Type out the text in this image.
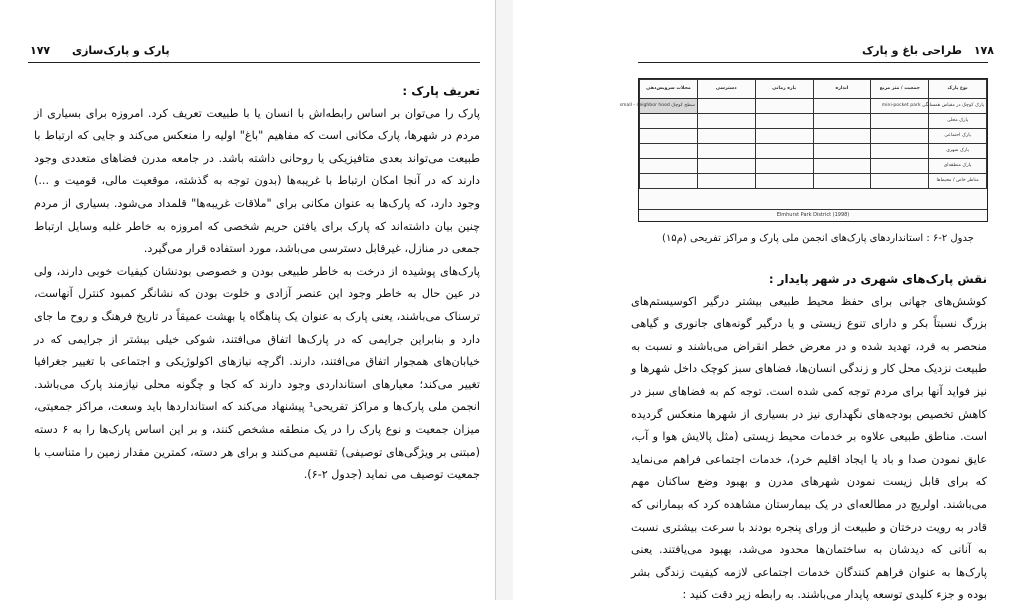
۱۷۷ پارک و پارک‌سازی

تعریف پارک :

پارک را می‌توان بر اساس رابطه‌اش با انسان یا با طبیعت تعریف کرد. امروزه برای بسیاری از مردم در شهرها، پارک مکانی است که مفاهیم "باغ" اولیه را منعکس می‌کند و جایی که ارتباط با طبیعت می‌تواند بعدی متافیزیکی یا روحانی داشته باشد. در جامعه مدرن فضاهای متعددی وجود دارند که در آنجا امکان ارتباط با غریبه‌ها (بدون توجه به گذشته، موقعیت مالی، قومیت و ...) وجود دارد، که پارک‌ها به عنوان مکانی برای "ملاقات غریبه‌ها" قلمداد می‌شود. بسیاری از مردم چنین بیان داشته‌اند که پارک برای یافتن حریم شخصی که امروزه به خاطر غلبه وسایل ارتباط جمعی در منازل، غیرقابل دسترسی می‌باشد، مورد استفاده قرار می‌گیرد.

پارک‌های پوشیده از درخت به خاطر طبیعی بودن و خصوصی بودنشان کیفیات خوبی دارند، ولی در عین حال به خاطر وجود این عنصر آزادی و خلوت بودن که نشانگر کمبود کنترل آنهاست، ترسناک می‌باشند، یعنی پارک به عنوان یک پناهگاه یا بهشت عمیقاً در تاریخ فرهنگ و روح ما جای دارد و بنابراین جرایمی که در پارک‌ها اتفاق می‌افتند، شوکی خیلی بیشتر از جرایمی که در خیابان‌های همجوار اتفاق می‌افتند، دارند. اگرچه نیازهای اکولوژیکی و اجتماعی با تغییر جغرافیا تغییر می‌کند؛ معیارهای استانداردی وجود دارند که کجا و چگونه محلی نیازمند پارک می‌باشد. انجمن ملی پارک‌ها و مراکز تفریحی¹ پیشنهاد می‌کند که استانداردها باید وسعت، مراکز جمعیتی، میزان جمعیت و نوع پارک را در یک منطقه مشخص کنند، و بر این اساس پارک‌ها را به ۶ دسته (مبتنی بر ویژگی‌های توصیفی) تقسیم می‌کنند و برای هر دسته، کمترین مقدار زمین را متناسب با جمعیت توصیف می نماید (جدول ۲-۶).

۱۷۸
طراحی باغ و پارک
نوع پارک	جمعیت / متر مربع	اندازه	بازه زمانی	دسترسی	محلات سرویس‌دهی
پارک کوچک در مقیاس همسایگی mini-pocket park					سطح کوچک small - neighbor hood
پارک محلی					
پارک اجتماعی					
پارک شهری					
پارک منطقه‌ای					
مناظر خاص / محیط‌ها					
Elmhurst Park District (1998)
جدول ۲-۶ : استانداردهای پارک‌های انجمن ملی پارک و مراکز تفریحی (م۱۵)

نقش پارک‌های شهری در شهر پایدار :

کوشش‌های جهانی برای حفظ محیط طبیعی بیشتر درگیر اکوسیستم‌های بزرگ نسبتاً بکر و دارای تنوع زیستی و یا درگیر گونه‌های جانوری و گیاهی منحصر به فرد، تهدید شده و در معرض خطر انقراض می‌باشند و نسبت به طبیعت نزدیک محل کار و زندگی انسان‌ها، فضاهای سبز کوچک داخل شهرها و نیز فواید آنها برای مردم توجه کمی شده است. توجه کم به فضاهای سبز در کاهش تخصیص بودجه‌های نگهداری نیز در بسیاری از شهرها منعکس گردیده است. مناطق طبیعی علاوه بر خدمات محیط زیستی (مثل پالایش هوا و آب، عایق نمودن صدا و باد یا ایجاد اقلیم خرد)، خدمات اجتماعی فراهم می‌نماید که برای قابل زیست نمودن شهرهای مدرن و بهبود وضع ساکنان مهم می‌باشند. اولریچ در مطالعه‌ای در یک بیمارستان مشاهده کرد که بیمارانی که قادر به رویت درختان و طبیعت از ورای پنجره بودند با سرعت بیشتری نسبت به آنانی که دیدشان به ساختمان‌ها محدود می‌شد، بهبود می‌یافتند. یعنی پارک‌ها به عنوان فراهم کنندگان خدمات اجتماعی لازمه کیفیت زندگی بشر بوده و جزء کلیدی توسعه پایدار می‌باشند. به رابطه زیر دقت کنید :
